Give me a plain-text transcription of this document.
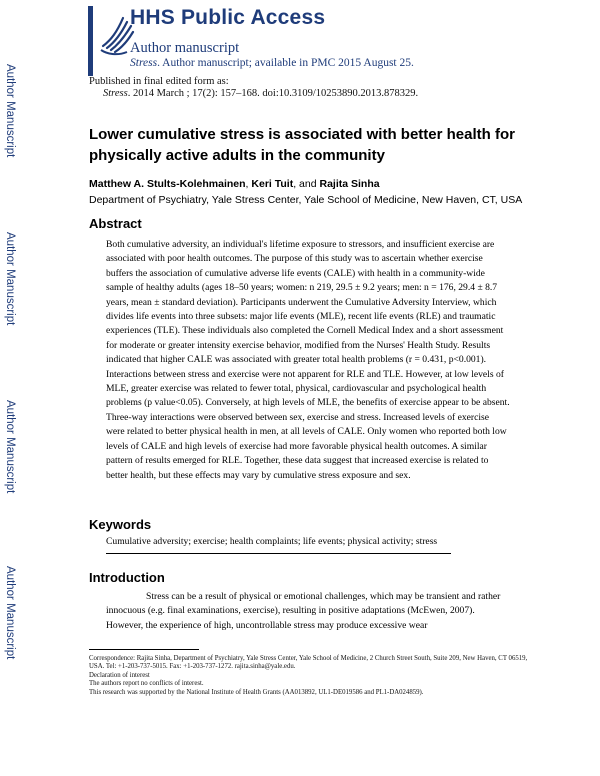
HHS Public Access
Author manuscript
Stress. Author manuscript; available in PMC 2015 August 25.
Author Manuscript
Author Manuscript
Author Manuscript
Author Manuscript
Published in final edited form as:
Stress. 2014 March ; 17(2): 157–168. doi:10.3109/10253890.2013.878329.
Lower cumulative stress is associated with better health for physically active adults in the community
Matthew A. Stults-Kolehmainen, Keri Tuit, and Rajita Sinha
Department of Psychiatry, Yale Stress Center, Yale School of Medicine, New Haven, CT, USA
Abstract
Both cumulative adversity, an individual's lifetime exposure to stressors, and insufficient exercise are associated with poor health outcomes. The purpose of this study was to ascertain whether exercise buffers the association of cumulative adverse life events (CALE) with health in a community-wide sample of healthy adults (ages 18–50 years; women: n 219, 29.5 ± 9.2 years; men: n = 176, 29.4 ± 8.7 years, mean ± standard deviation). Participants underwent the Cumulative Adversity Interview, which divides life events into three subsets: major life events (MLE), recent life events (RLE) and traumatic experiences (TLE). These individuals also completed the Cornell Medical Index and a short assessment for moderate or greater intensity exercise behavior, modified from the Nurses' Health Study. Results indicated that higher CALE was associated with greater total health problems (r = 0.431, p<0.001). Interactions between stress and exercise were not apparent for RLE and TLE. However, at low levels of MLE, greater exercise was related to fewer total, physical, cardiovascular and psychological health problems (p value<0.05). Conversely, at high levels of MLE, the benefits of exercise appear to be absent. Three-way interactions were observed between sex, exercise and stress. Increased levels of exercise were related to better physical health in men, at all levels of CALE. Only women who reported both low levels of CALE and high levels of exercise had more favorable physical health outcomes. A similar pattern of results emerged for RLE. Together, these data suggest that increased exercise is related to better health, but these effects may vary by cumulative stress exposure and sex.
Keywords
Cumulative adversity; exercise; health complaints; life events; physical activity; stress
Introduction
Stress can be a result of physical or emotional challenges, which may be transient and rather innocuous (e.g. final examinations, exercise), resulting in positive adaptations (McEwen, 2007). However, the experience of high, uncontrollable stress may produce excessive wear
Correspondence: Rajita Sinha, Department of Psychiatry, Yale Stress Center, Yale School of Medicine, 2 Church Street South, Suite 209, New Haven, CT 06519, USA. Tel: +1-203-737-5015. Fax: +1-203-737-1272. rajita.sinha@yale.edu.
Declaration of interest
The authors report no conflicts of interest.
This research was supported by the National Institute of Health Grants (AA013892, UL1-DE019586 and PL1-DA024859).
